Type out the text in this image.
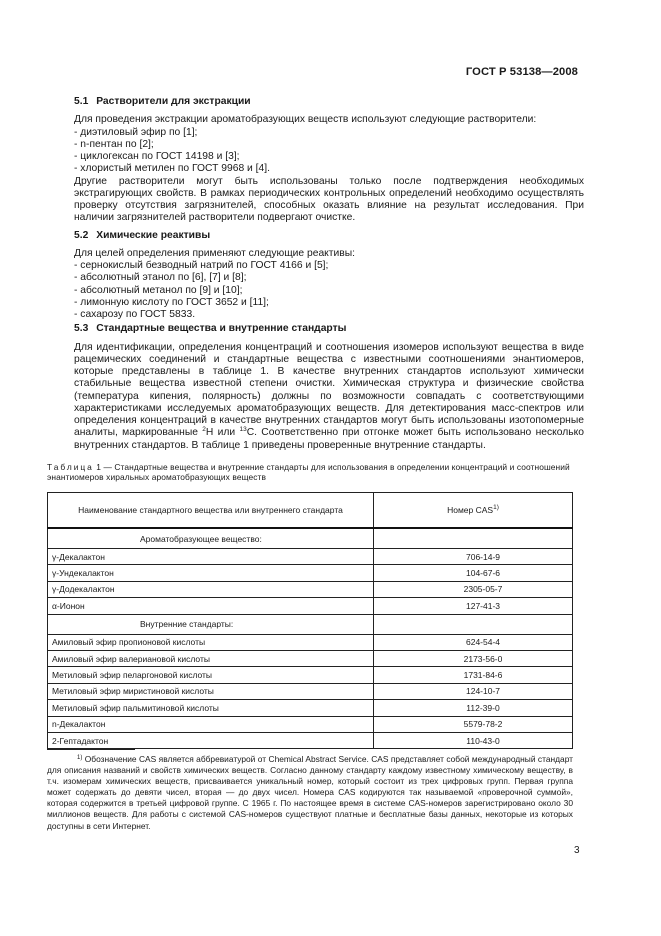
ГОСТ Р 53138—2008

5.1 Растворители для экстракции

Для проведения экстракции ароматобразующих веществ используют следующие растворители:

- диэтиловый эфир по [1];
- n-пентан по [2];
- циклогексан по ГОСТ 14198 и [3];
- хлористый метилен по ГОСТ 9968 и [4].

Другие растворители могут быть использованы только после подтверждения необходимых экстрагирующих свойств. В рамках периодических контрольных определений необходимо осуществлять проверку отсутствия загрязнителей, способных оказать влияние на результат исследования. При наличии загрязнителей растворители подвергают очистке.

5.2 Химические реактивы

Для целей определения применяют следующие реактивы:

- сернокислый безводный натрий по ГОСТ 4166 и [5];
- абсолютный этанол по [6], [7] и [8];
- абсолютный метанол по [9] и [10];
- лимонную кислоту по ГОСТ 3652 и [11];
- сахарозу по ГОСТ 5833.

5.3 Стандартные вещества и внутренние стандарты

Для идентификации, определения концентраций и соотношения изомеров используют вещества в виде рацемических соединений и стандартные вещества с известными соотношениями энантиомеров, которые представлены в таблице 1. В качестве внутренних стандартов используют химически стабильные вещества известной степени очистки. Химическая структура и физические свойства (температура кипения, полярность) должны по возможности совпадать с соответствующими характеристиками исследуемых ароматобразующих веществ. Для детектирования масс-спектров или определения концентраций в качестве внутренних стандартов могут быть использованы изотопомерные аналиты, маркированные $^2$H или $^{13}$C. Соответственно при отгонке может быть использовано несколько внутренних стандартов. В таблице 1 приведены проверенные внутренние стандарты.

Таблица 1 — Стандартные вещества и внутренние стандарты для использования в определении концентраций и соотношений энантиомеров хиральных ароматобразующих веществ

Наименование стандартного вещества или внутреннего стандарта	Номер CAS$^{1)}$
Ароматобразующее вещество:	
γ-Декалактон	706-14-9
γ-Ундекалактон	104-67-6
γ-Додекалактон	2305-05-7
α-Ионон	127-41-3
Внутренние стандарты:	
Амиловый эфир пропионовой кислоты	624-54-4
Амиловый эфир валериановой кислоты	2173-56-0
Метиловый эфир пеларгоновой кислоты	1731-84-6
Метиловый эфир миристиновой кислоты	124-10-7
Метиловый эфир пальмитиновой кислоты	112-39-0
n-Декалактон	5579-78-2
2-Гептадактон	110-43-0
$^{1)}$ Обозначение CAS является аббревиатурой от Chemical Abstract Service. CAS представляет собой международный стандарт для описания названий и свойств химических веществ. Согласно данному стандарту каждому известному химическому веществу, в т.ч. изомерам химических веществ, присваивается уникальный номер, который состоит из трех цифровых групп. Первая группа может содержать до девяти чисел, вторая — до двух чисел. Номера CAS кодируются так называемой «проверочной суммой», которая содержится в третьей цифровой группе. С 1965 г. По настоящее время в системе CAS-номеров зарегистрировано около 30 миллионов веществ. Для работы с системой CAS-номеров существуют платные и бесплатные базы данных, некоторые из которых доступны в сети Интернет.
3
